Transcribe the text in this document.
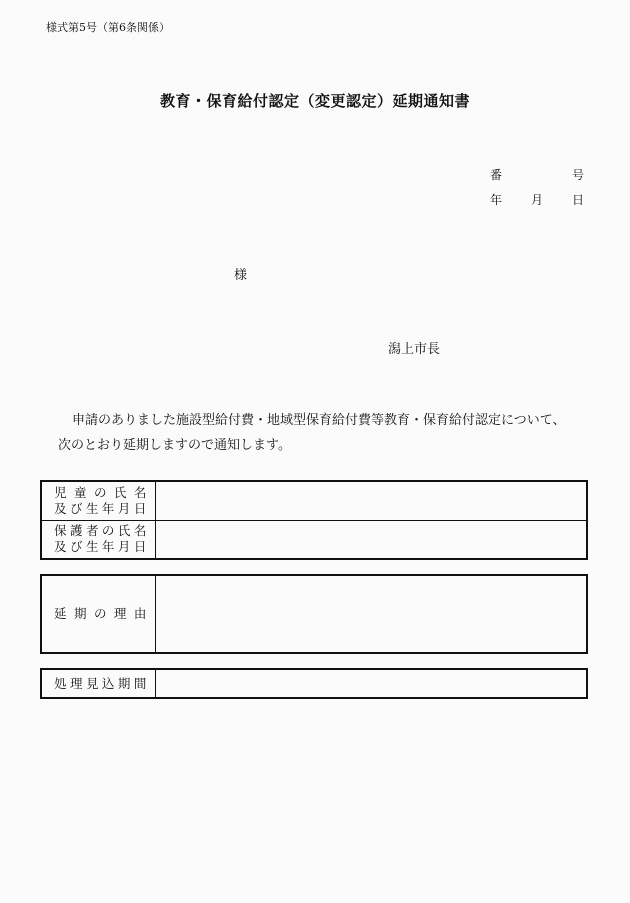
様式第5号（第6条関係）
教育・保育給付認定（変更認定）延期通知書
番	号
年 月 日
様
潟上市長
申請のありました施設型給付費・地域型保育給付費等教育・保育給付認定について、
次のとおり延期しますので通知します。
児童の氏名
及び生年月日	

保護者の氏名
及び生年月日	

延期の理由

処理見込期間
